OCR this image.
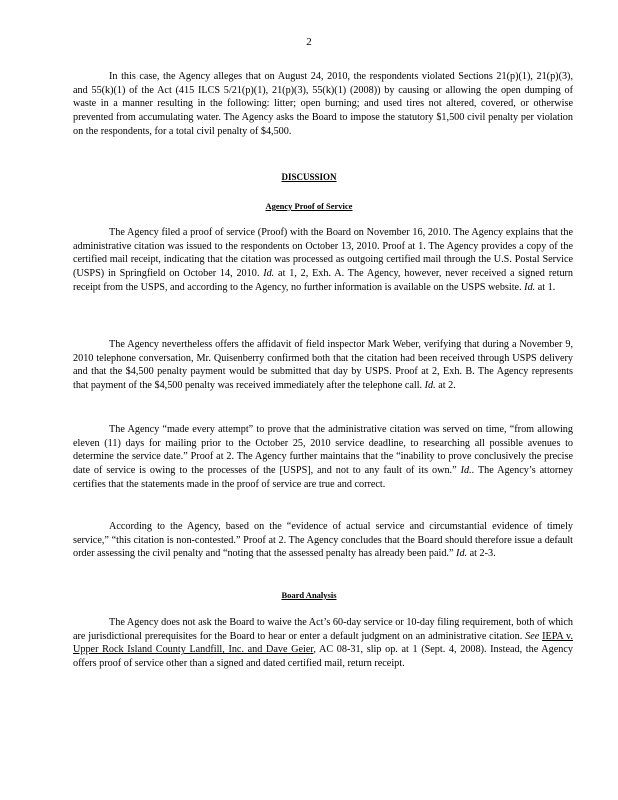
2

In this case, the Agency alleges that on August 24, 2010, the respondents violated Sections 21(p)(1), 21(p)(3), and 55(k)(1) of the Act (415 ILCS 5/21(p)(1), 21(p)(3), 55(k)(1) (2008)) by causing or allowing the open dumping of waste in a manner resulting in the following: litter; open burning; and used tires not altered, covered, or otherwise prevented from accumulating water. The Agency asks the Board to impose the statutory $1,500 civil penalty per violation on the respondents, for a total civil penalty of $4,500.

DISCUSSION

Agency Proof of Service

The Agency filed a proof of service (Proof) with the Board on November 16, 2010. The Agency explains that the administrative citation was issued to the respondents on October 13, 2010. Proof at 1. The Agency provides a copy of the certified mail receipt, indicating that the citation was processed as outgoing certified mail through the U.S. Postal Service (USPS) in Springfield on October 14, 2010. Id. at 1, 2, Exh. A. The Agency, however, never received a signed return receipt from the USPS, and according to the Agency, no further information is available on the USPS website. Id. at 1.

The Agency nevertheless offers the affidavit of field inspector Mark Weber, verifying that during a November 9, 2010 telephone conversation, Mr. Quisenberry confirmed both that the citation had been received through USPS delivery and that the $4,500 penalty payment would be submitted that day by USPS. Proof at 2, Exh. B. The Agency represents that payment of the $4,500 penalty was received immediately after the telephone call. Id. at 2.

The Agency “made every attempt” to prove that the administrative citation was served on time, “from allowing eleven (11) days for mailing prior to the October 25, 2010 service deadline, to researching all possible avenues to determine the service date.” Proof at 2. The Agency further maintains that the “inability to prove conclusively the precise date of service is owing to the processes of the [USPS], and not to any fault of its own.” Id.. The Agency’s attorney certifies that the statements made in the proof of service are true and correct.

According to the Agency, based on the “evidence of actual service and circumstantial evidence of timely service,” “this citation is non-contested.” Proof at 2. The Agency concludes that the Board should therefore issue a default order assessing the civil penalty and “noting that the assessed penalty has already been paid.” Id. at 2-3.

Board Analysis

The Agency does not ask the Board to waive the Act’s 60-day service or 10-day filing requirement, both of which are jurisdictional prerequisites for the Board to hear or enter a default judgment on an administrative citation. See IEPA v. Upper Rock Island County Landfill, Inc. and Dave Geier, AC 08-31, slip op. at 1 (Sept. 4, 2008). Instead, the Agency offers proof of service other than a signed and dated certified mail, return receipt.
